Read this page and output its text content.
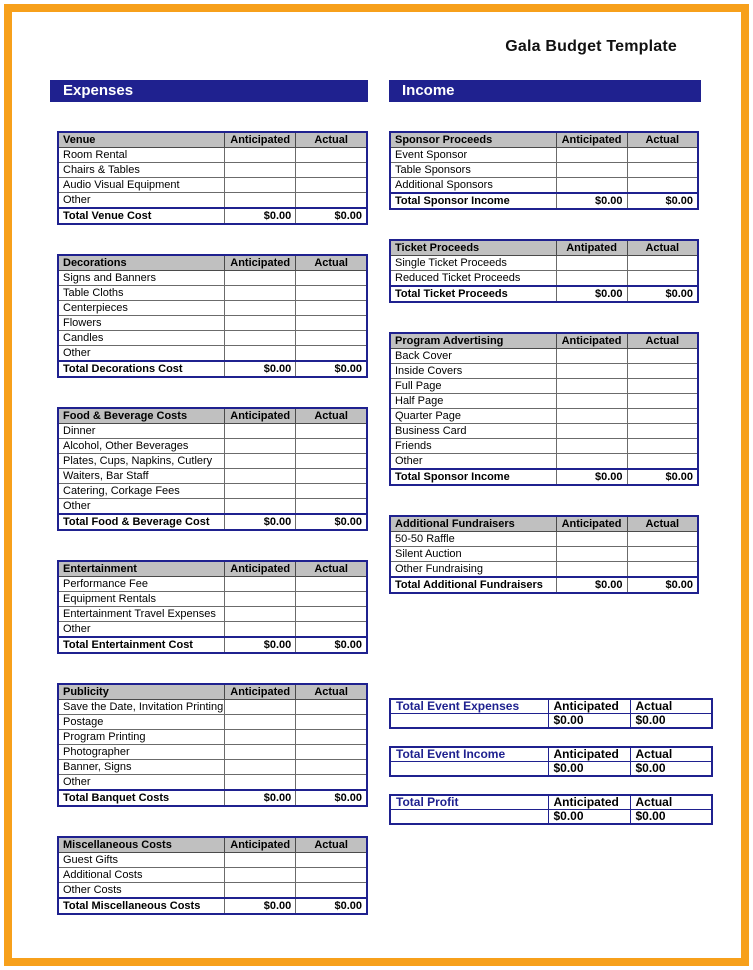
Gala Budget Template
Expenses
Venue	Anticipated	Actual
Room Rental		
Chairs & Tables		
Audio Visual Equipment		
Other		
Total Venue Cost	$0.00	$0.00
Decorations	Anticipated	Actual
Signs and Banners		
Table Cloths		
Centerpieces		
Flowers		
Candles		
Other		
Total Decorations Cost	$0.00	$0.00
Food & Beverage Costs	Anticipated	Actual
Dinner		
Alcohol, Other Beverages		
Plates, Cups, Napkins, Cutlery		
Waiters, Bar Staff		
Catering, Corkage Fees		
Other		
Total Food & Beverage Cost	$0.00	$0.00
Entertainment	Anticipated	Actual
Performance Fee		
Equipment Rentals		
Entertainment Travel Expenses		
Other		
Total Entertainment Cost	$0.00	$0.00
Publicity	Anticipated	Actual
Save the Date, Invitation Printing		
Postage		
Program Printing		
Photographer		
Banner, Signs		
Other		
Total Banquet Costs	$0.00	$0.00
Miscellaneous Costs	Anticipated	Actual
Guest Gifts		
Additional Costs		
Other Costs		
Total Miscellaneous Costs	$0.00	$0.00
Income
Sponsor Proceeds	Anticipated	Actual
Event Sponsor		
Table Sponsors		
Additional Sponsors		
Total Sponsor Income	$0.00	$0.00
Ticket Proceeds	Antipated	Actual
Single Ticket Proceeds		
Reduced Ticket Proceeds		
Total Ticket Proceeds	$0.00	$0.00
Program Advertising	Anticipated	Actual
Back Cover		
Inside Covers		
Full Page		
Half Page		
Quarter Page		
Business Card		
Friends		
Other		
Total Sponsor Income	$0.00	$0.00
Additional Fundraisers	Anticipated	Actual
50-50 Raffle		
Silent Auction		
Other Fundraising		
Total Additional Fundraisers	$0.00	$0.00
Total Event Expenses	Anticipated	Actual
	$0.00	$0.00
Total Event Income	Anticipated	Actual
	$0.00	$0.00
Total Profit	Anticipated	Actual
	$0.00	$0.00
